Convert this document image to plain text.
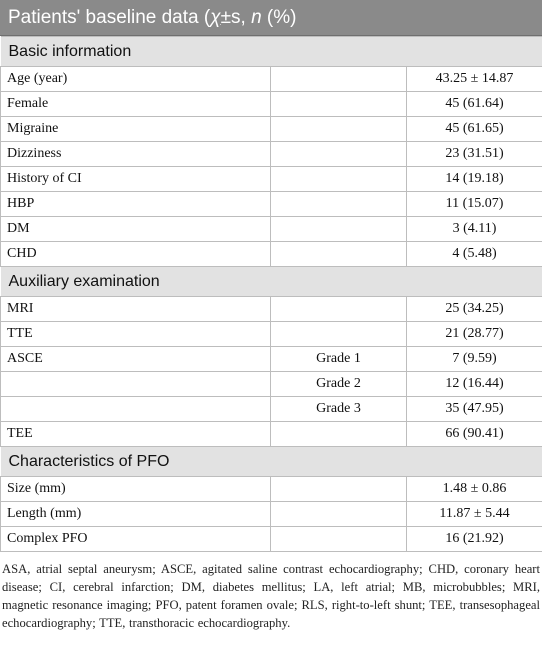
Patients' baseline data (χ±s, n (%)
Basic information		
Age (year)		43.25 ± 14.87
Female		45 (61.64)
Migraine		45 (61.65)
Dizziness		23 (31.51)
History of CI		14 (19.18)
HBP		11 (15.07)
DM		3 (4.11)
CHD		4 (5.48)
Auxiliary examination		
MRI		25 (34.25)
TTE		21 (28.77)
ASCE	Grade 1	7 (9.59)
	Grade 2	12 (16.44)
	Grade 3	35 (47.95)
TEE		66 (90.41)
Characteristics of PFO		
Size (mm)		1.48 ± 0.86
Length (mm)		11.87 ± 5.44
Complex PFO		16 (21.92)
ASA, atrial septal aneurysm; ASCE, agitated saline contrast echocardiography; CHD, coronary heart disease; CI, cerebral infarction; DM, diabetes mellitus; LA, left atrial; MB, microbubbles; MRI, magnetic resonance imaging; PFO, patent foramen ovale; RLS, right-to-left shunt; TEE, transesophageal echocardiography; TTE, transthoracic echocardiography.
